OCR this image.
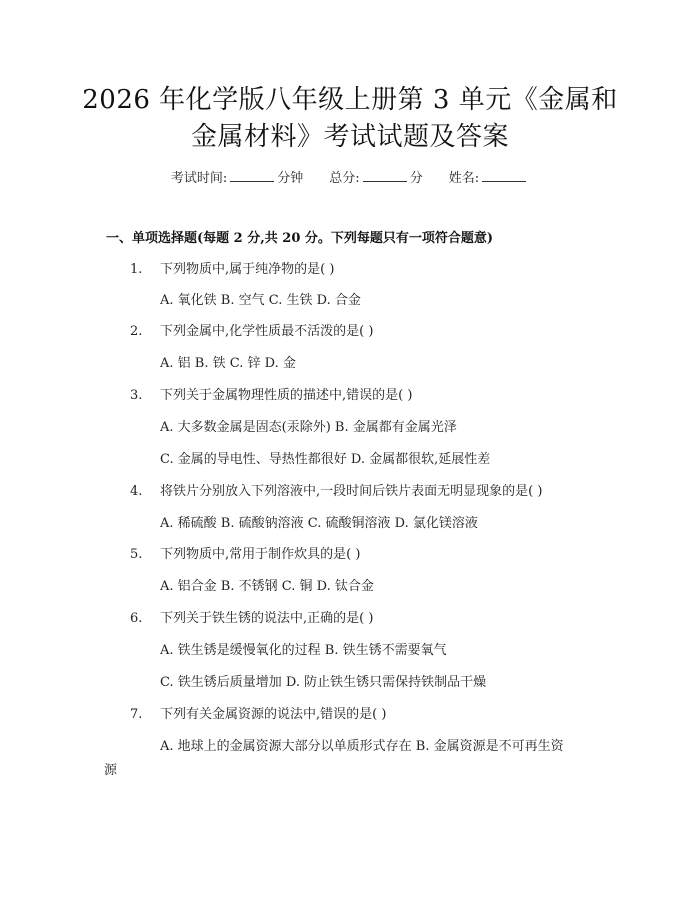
2026 年化学版八年级上册第 3 单元《金属和
金属材料》考试试题及答案
考试时间:	分钟 总分:	分 姓名:
一、单项选择题(每题 2 分,共 20 分。下列每题只有一项符合题意)
1.	下列物质中,属于纯净物的是( )
A. 氧化铁 B. 空气 C. 生铁 D. 合金
2.	下列金属中,化学性质最不活泼的是( )
A. 铝 B. 铁 C. 锌 D. 金
3.	下列关于金属物理性质的描述中,错误的是( )
A. 大多数金属是固态(汞除外) B. 金属都有金属光泽
C. 金属的导电性、导热性都很好 D. 金属都很软,延展性差
4.	将铁片分别放入下列溶液中,一段时间后铁片表面无明显现象的是( )
A. 稀硫酸 B. 硫酸钠溶液 C. 硫酸铜溶液 D. 氯化镁溶液
5.	下列物质中,常用于制作炊具的是( )
A. 铝合金 B. 不锈钢 C. 铜 D. 钛合金
6.	下列关于铁生锈的说法中,正确的是( )
A. 铁生锈是缓慢氧化的过程 B. 铁生锈不需要氧气
C. 铁生锈后质量增加 D. 防止铁生锈只需保持铁制品干燥
7.	下列有关金属资源的说法中,错误的是( )
A. 地球上的金属资源大部分以单质形式存在 B. 金属资源是不可再生资
源
